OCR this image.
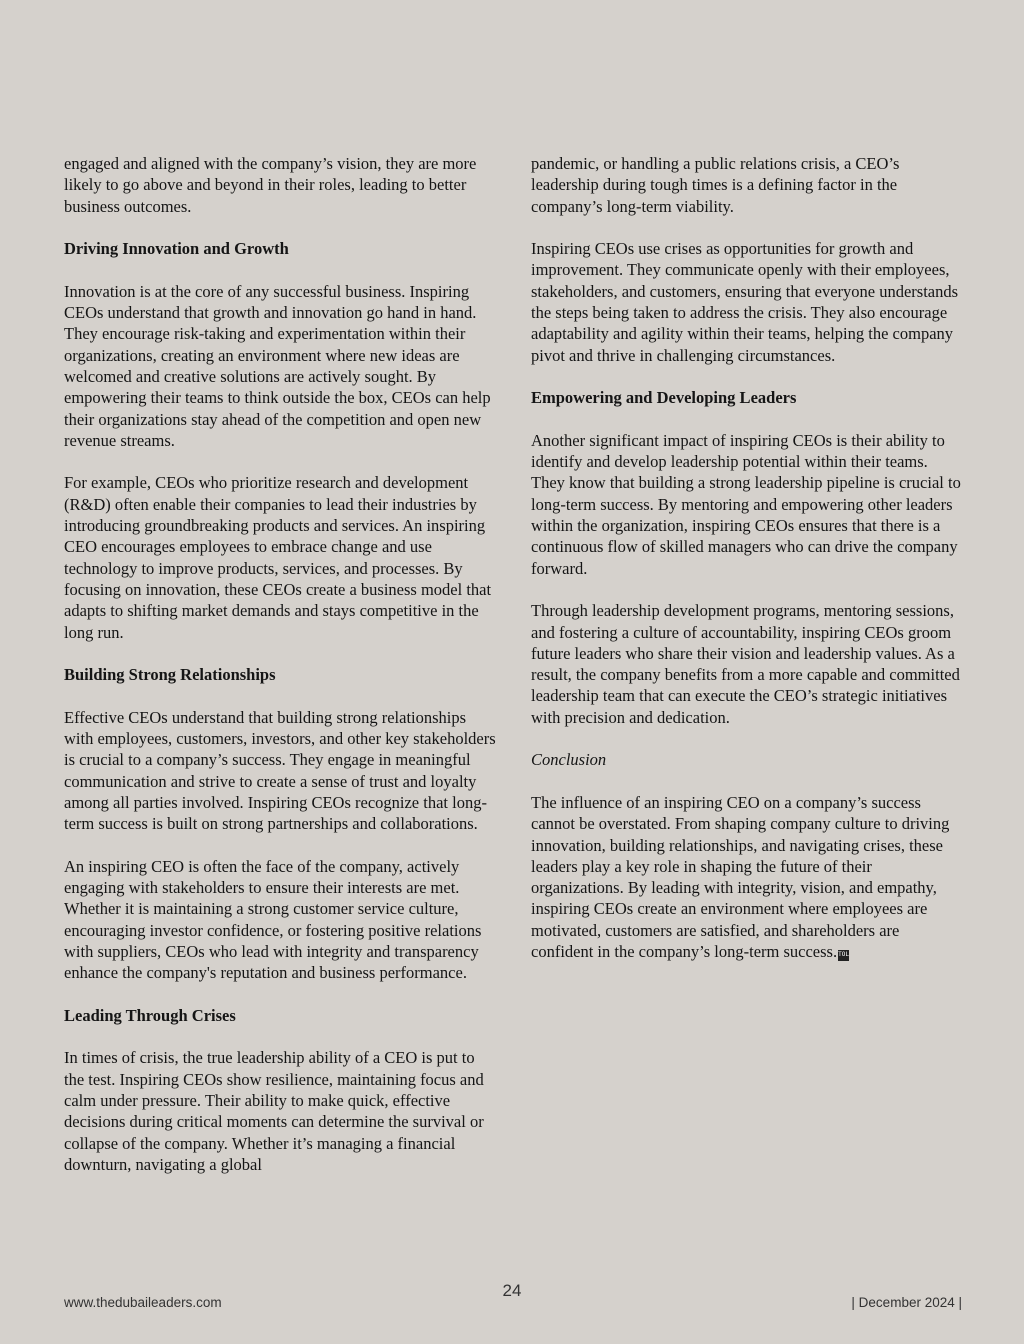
engaged and aligned with the company’s vision, they are more likely to go above and beyond in their roles, leading to better business outcomes.

Driving Innovation and Growth

Innovation is at the core of any successful business. Inspiring CEOs understand that growth and innovation go hand in hand. They encourage risk-taking and experimentation within their organizations, creating an environment where new ideas are welcomed and creative solutions are actively sought. By empowering their teams to think outside the box, CEOs can help their organizations stay ahead of the competition and open new revenue streams.

For example, CEOs who prioritize research and development (R&D) often enable their companies to lead their industries by introducing groundbreaking products and services. An inspiring CEO encourages employees to embrace change and use technology to improve products, services, and processes. By focusing on innovation, these CEOs create a business model that adapts to shifting market demands and stays competitive in the long run.

Building Strong Relationships

Effective CEOs understand that building strong relationships with employees, customers, investors, and other key stakeholders is crucial to a company’s success. They engage in meaningful communication and strive to create a sense of trust and loyalty among all parties involved. Inspiring CEOs recognize that long-term success is built on strong partnerships and collaborations.

An inspiring CEO is often the face of the company, actively engaging with stakeholders to ensure their interests are met. Whether it is maintaining a strong customer service culture, encouraging investor confidence, or fostering positive relations with suppliers, CEOs who lead with integrity and transparency enhance the company's reputation and business performance.

Leading Through Crises

In times of crisis, the true leadership ability of a CEO is put to the test. Inspiring CEOs show resilience, maintaining focus and calm under pressure. Their ability to make quick, effective decisions during critical moments can determine the survival or collapse of the company. Whether it’s managing a financial downturn, navigating a global

pandemic, or handling a public relations crisis, a CEO’s leadership during tough times is a defining factor in the company’s long-term viability.

Inspiring CEOs use crises as opportunities for growth and improvement. They communicate openly with their employees, stakeholders, and customers, ensuring that everyone understands the steps being taken to address the crisis. They also encourage adaptability and agility within their teams, helping the company pivot and thrive in challenging circumstances.

Empowering and Developing Leaders

Another significant impact of inspiring CEOs is their ability to identify and develop leadership potential within their teams. They know that building a strong leadership pipeline is crucial to long-term success. By mentoring and empowering other leaders within the organization, inspiring CEOs ensures that there is a continuous flow of skilled managers who can drive the company forward.

Through leadership development programs, mentoring sessions, and fostering a culture of accountability, inspiring CEOs groom future leaders who share their vision and leadership values. As a result, the company benefits from a more capable and committed leadership team that can execute the CEO’s strategic initiatives with precision and dedication.

Conclusion

The influence of an inspiring CEO on a company’s success cannot be overstated. From shaping company culture to driving innovation, building relationships, and navigating crises, these leaders play a key role in shaping the future of their organizations. By leading with integrity, vision, and empathy, inspiring CEOs create an environment where employees are motivated, customers are satisfied, and shareholders are confident in the company’s long-term success.TOL

24
www.thedubaileaders.com	| December 2024 |
